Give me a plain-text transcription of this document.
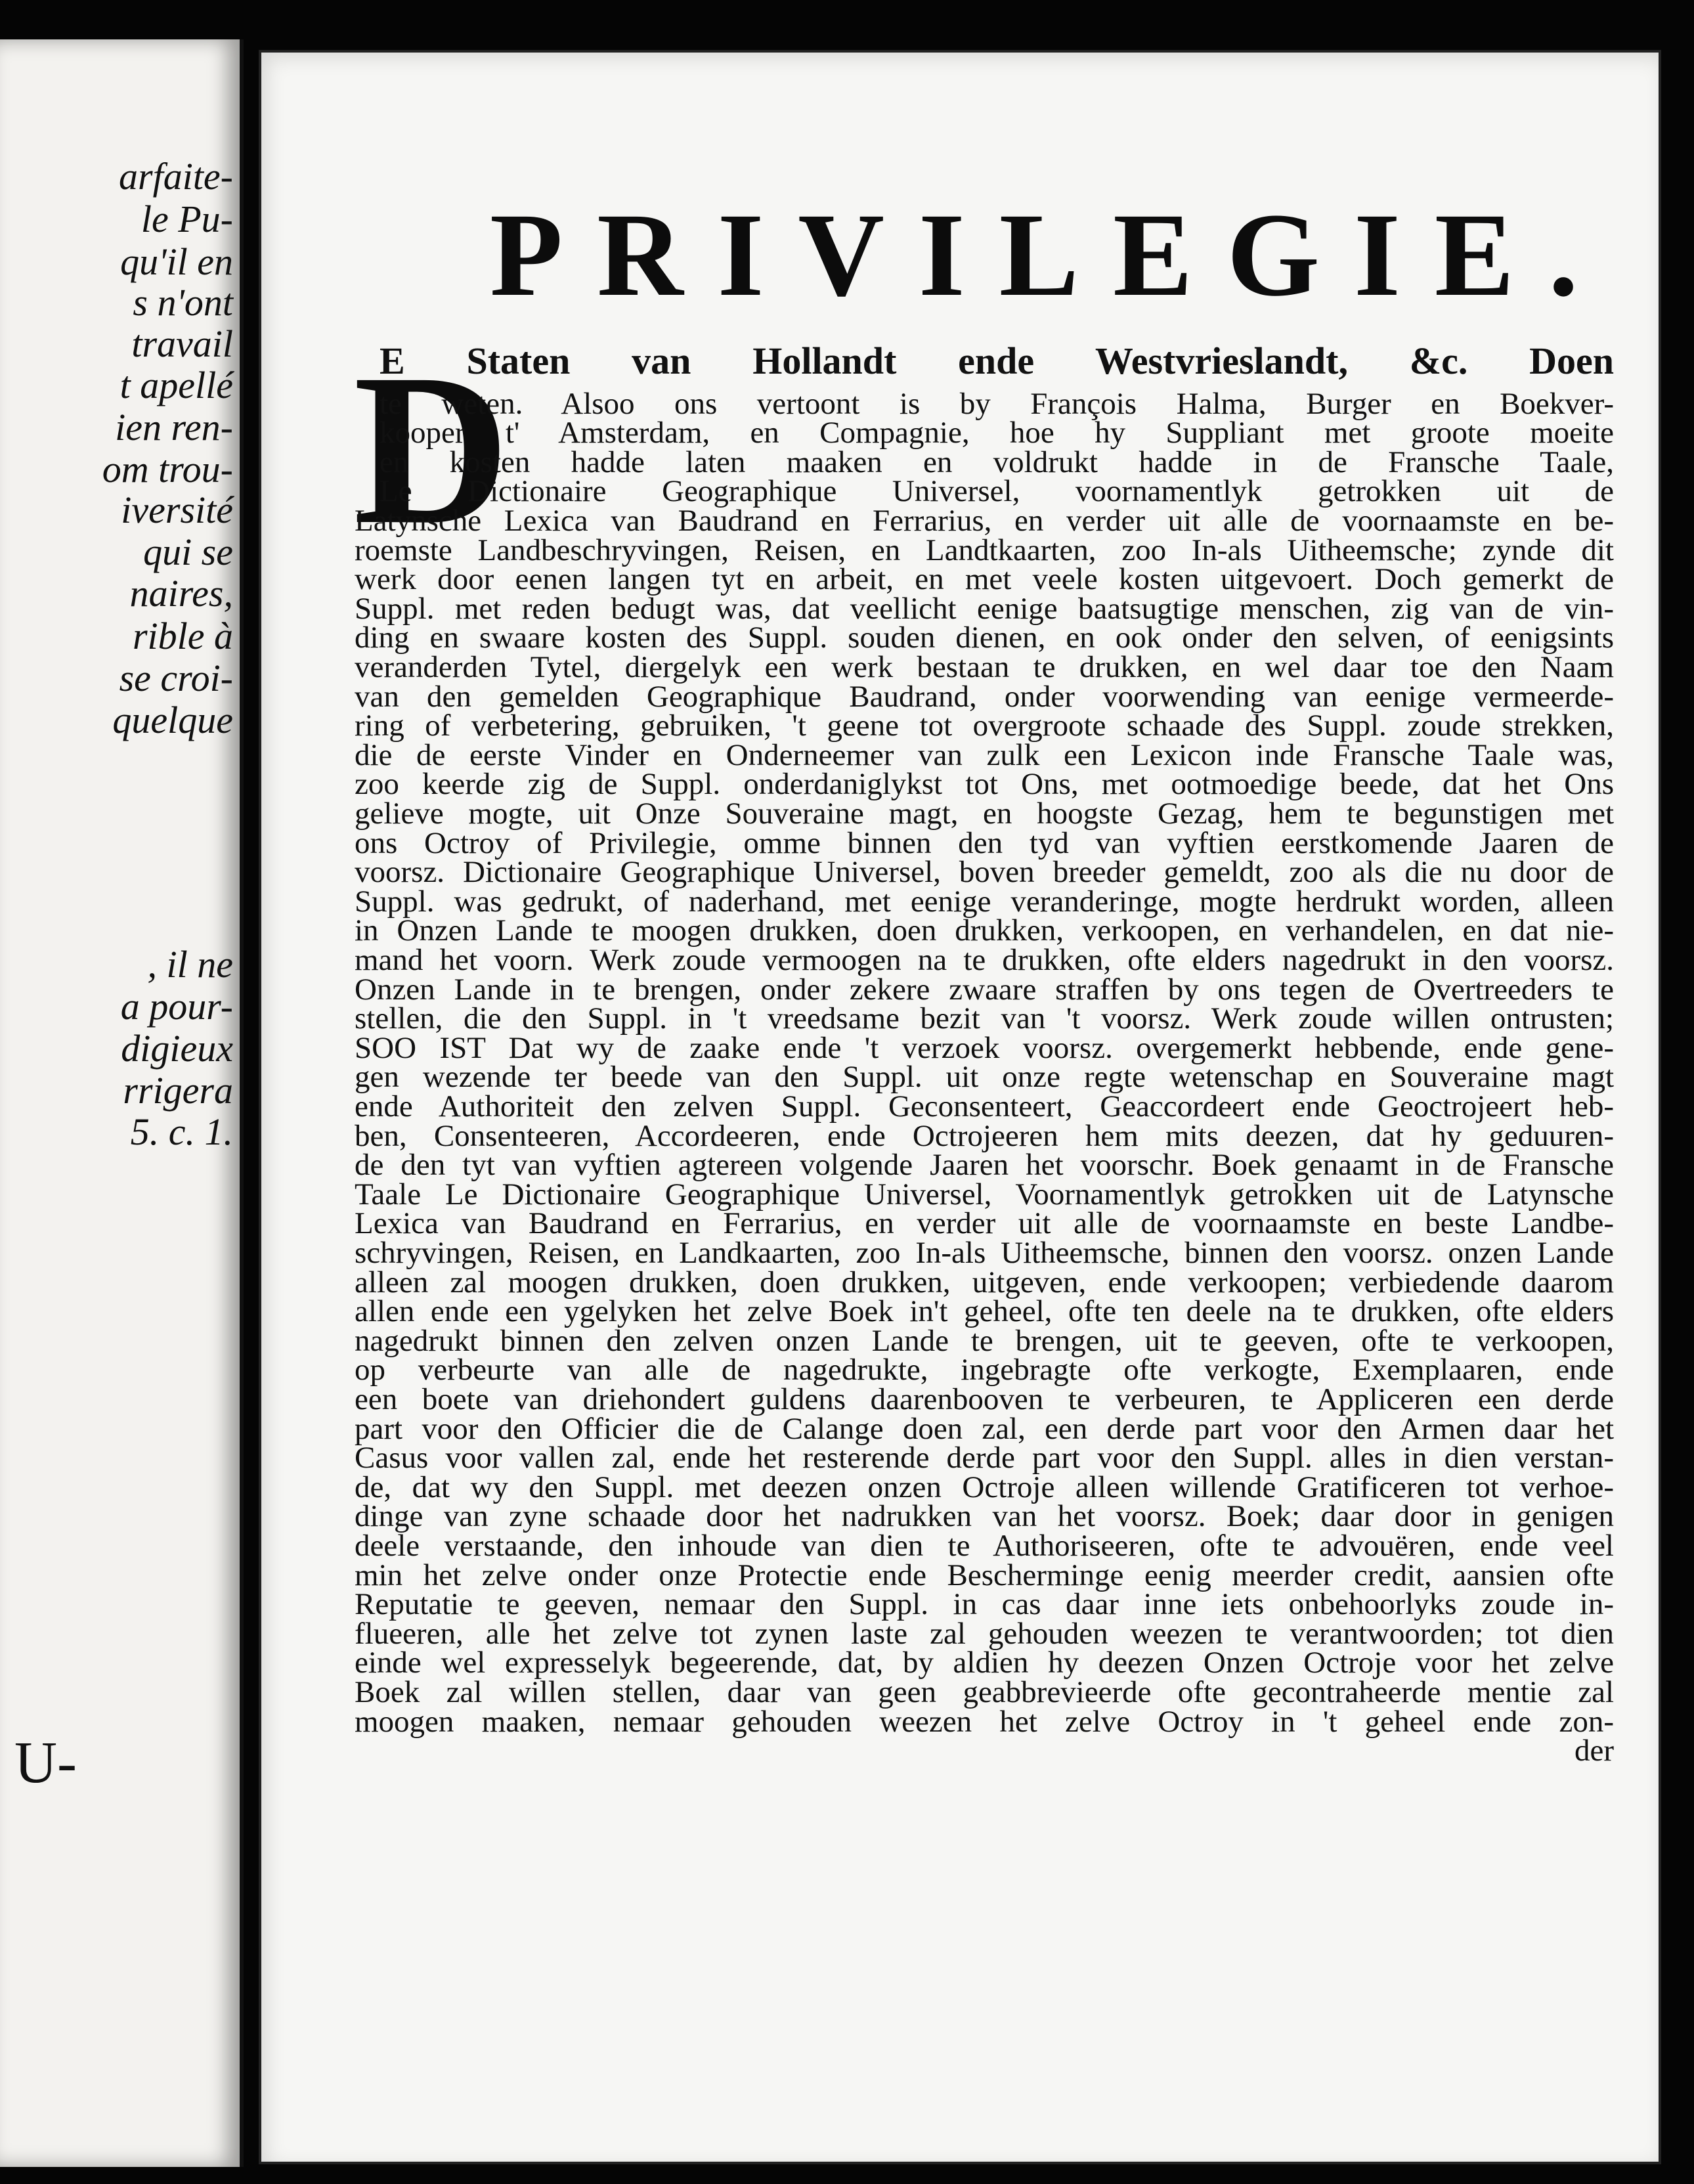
arfaite-
le Pu-
qu'il en
s n'ont
travail
t apellé
ien ren-
om trou-
iversité
qui se
naires,
rible à
se croi-
quelque
, il ne
a pour-
digieux
rrigera
5. c. 1.
U-
PRIVILEGIE.
D
E Staten van Hollandt ende Westvrieslandt, &c. Doen
te weten. Alsoo ons vertoont is by François Halma, Burger en Boekver-
kooper t' Amsterdam, en Compagnie, hoe hy Suppliant met groote moeite
en kosten hadde laten maaken en voldrukt hadde in de Fransche Taale,
Le Dictionaire Geographique Universel, voornamentlyk getrokken uit de
Latynsche Lexica van Baudrand en Ferrarius, en verder uit alle de voornaamste en be-
roemste Landbeschryvingen, Reisen, en Landtkaarten, zoo In-als Uitheemsche; zynde dit
werk door eenen langen tyt en arbeit, en met veele kosten uitgevoert. Doch gemerkt de
Suppl. met reden bedugt was, dat veellicht eenige baatsugtige menschen, zig van de vin-
ding en swaare kosten des Suppl. souden dienen, en ook onder den selven, of eenigsints
veranderden Tytel, diergelyk een werk bestaan te drukken, en wel daar toe den Naam
van den gemelden Geographique Baudrand, onder voorwending van eenige vermeerde-
ring of verbetering, gebruiken, 't geene tot overgroote schaade des Suppl. zoude strekken,
die de eerste Vinder en Onderneemer van zulk een Lexicon inde Fransche Taale was,
zoo keerde zig de Suppl. onderdaniglykst tot Ons, met ootmoedige beede, dat het Ons
gelieve mogte, uit Onze Souveraine magt, en hoogste Gezag, hem te begunstigen met
ons Octroy of Privilegie, omme binnen den tyd van vyftien eerstkomende Jaaren de
voorsz. Dictionaire Geographique Universel, boven breeder gemeldt, zoo als die nu door de
Suppl. was gedrukt, of naderhand, met eenige veranderinge, mogte herdrukt worden, alleen
in Onzen Lande te moogen drukken, doen drukken, verkoopen, en verhandelen, en dat nie-
mand het voorn. Werk zoude vermoogen na te drukken, ofte elders nagedrukt in den voorsz.
Onzen Lande in te brengen, onder zekere zwaare straffen by ons tegen de Overtreeders te
stellen, die den Suppl. in 't vreedsame bezit van 't voorsz. Werk zoude willen ontrusten;
SOO IST Dat wy de zaake ende 't verzoek voorsz. overgemerkt hebbende, ende gene-
gen wezende ter beede van den Suppl. uit onze regte wetenschap en Souveraine magt
ende Authoriteit den zelven Suppl. Geconsenteert, Geaccordeert ende Geoctrojeert heb-
ben, Consenteeren, Accordeeren, ende Octrojeeren hem mits deezen, dat hy geduuren-
de den tyt van vyftien agtereen volgende Jaaren het voorschr. Boek genaamt in de Fransche
Taale Le Dictionaire Geographique Universel, Voornamentlyk getrokken uit de Latynsche
Lexica van Baudrand en Ferrarius, en verder uit alle de voornaamste en beste Landbe-
schryvingen, Reisen, en Landkaarten, zoo In-als Uitheemsche, binnen den voorsz. onzen Lande
alleen zal moogen drukken, doen drukken, uitgeven, ende verkoopen; verbiedende daarom
allen ende een ygelyken het zelve Boek in't geheel, ofte ten deele na te drukken, ofte elders
nagedrukt binnen den zelven onzen Lande te brengen, uit te geeven, ofte te verkoopen,
op verbeurte van alle de nagedrukte, ingebragte ofte verkogte, Exemplaaren, ende
een boete van driehondert guldens daarenbooven te verbeuren, te Appliceren een derde
part voor den Officier die de Calange doen zal, een derde part voor den Armen daar het
Casus voor vallen zal, ende het resterende derde part voor den Suppl. alles in dien verstan-
de, dat wy den Suppl. met deezen onzen Octroje alleen willende Gratificeren tot verhoe-
dinge van zyne schaade door het nadrukken van het voorsz. Boek; daar door in genigen
deele verstaande, den inhoude van dien te Authoriseeren, ofte te advouëren, ende veel
min het zelve onder onze Protectie ende Beschermingе eenig meerder credit, aansien ofte
Reputatie te geeven, nemaar den Suppl. in cas daar inne iets onbehoorlyks zoude in-
flueeren, alle het zelve tot zynen laste zal gehouden weezen te verantwoorden; tot dien
einde wel expresselyk begeerende, dat, by aldien hy deezen Onzen Octroje voor het zelve
Boek zal willen stellen, daar van geen geabbrevieerde ofte gecontraheerde mentie zal
moogen maaken, nemaar gehouden weezen het zelve Octroy in 't geheel ende zon-
der
